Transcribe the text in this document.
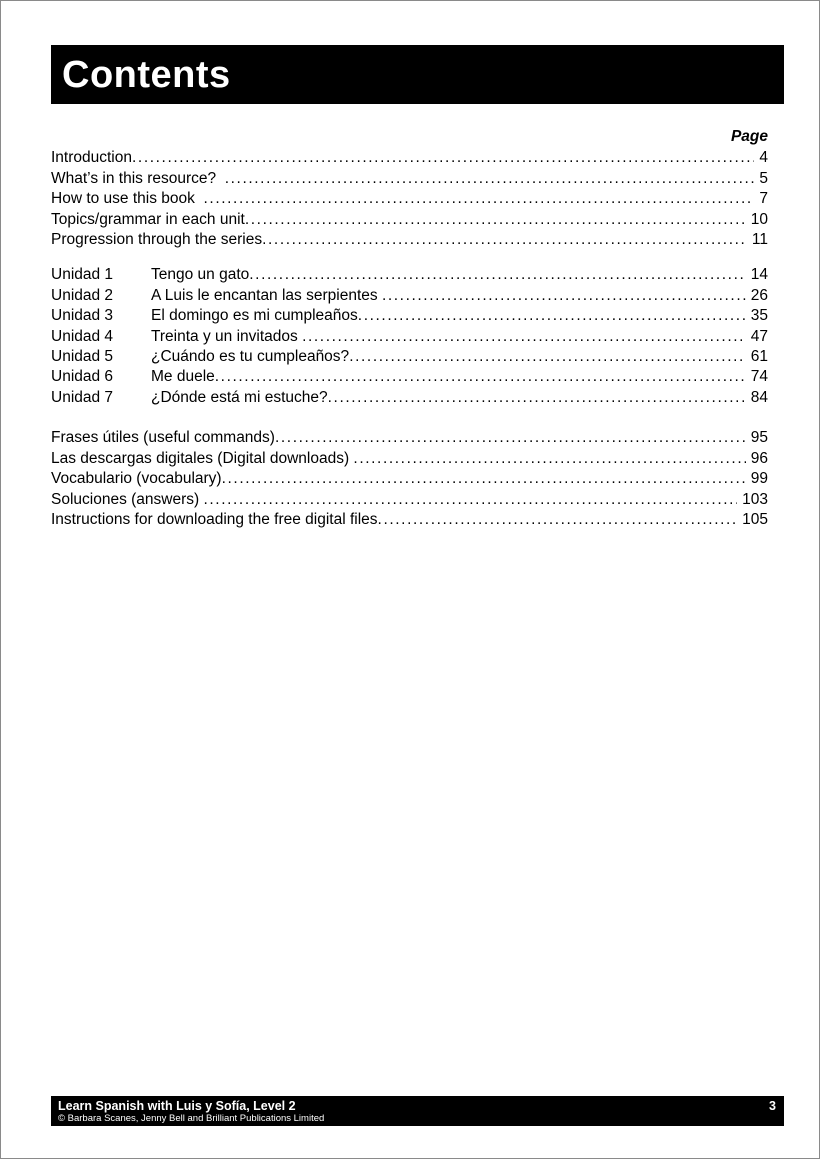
Contents
Page
Introduction .....	4
What’s in this resource? .....	5
How to use this book .....	7
Topics/grammar in each unit .....	10
Progression through the series .....	11
Unidad 1	Tengo un gato .....	14
Unidad 2	A Luis le encantan las serpientes .....	26
Unidad 3	El domingo es mi cumpleaños .....	35
Unidad 4	Treinta y un invitados .....	47
Unidad 5	¿Cuándo es tu cumpleaños? .....	61
Unidad 6	Me duele .....	74
Unidad 7	¿Dónde está mi estuche? .....	84
Frases útiles (useful commands) .....	95
Las descargas digitales (Digital downloads) .....	96
Vocabulario (vocabulary) .....	99
Soluciones (answers) .....	103
Instructions for downloading the free digital files .....	105
Learn Spanish with Luis y Sofía, Level 2
© Barbara Scanes, Jenny Bell and Brilliant Publications Limited
3
